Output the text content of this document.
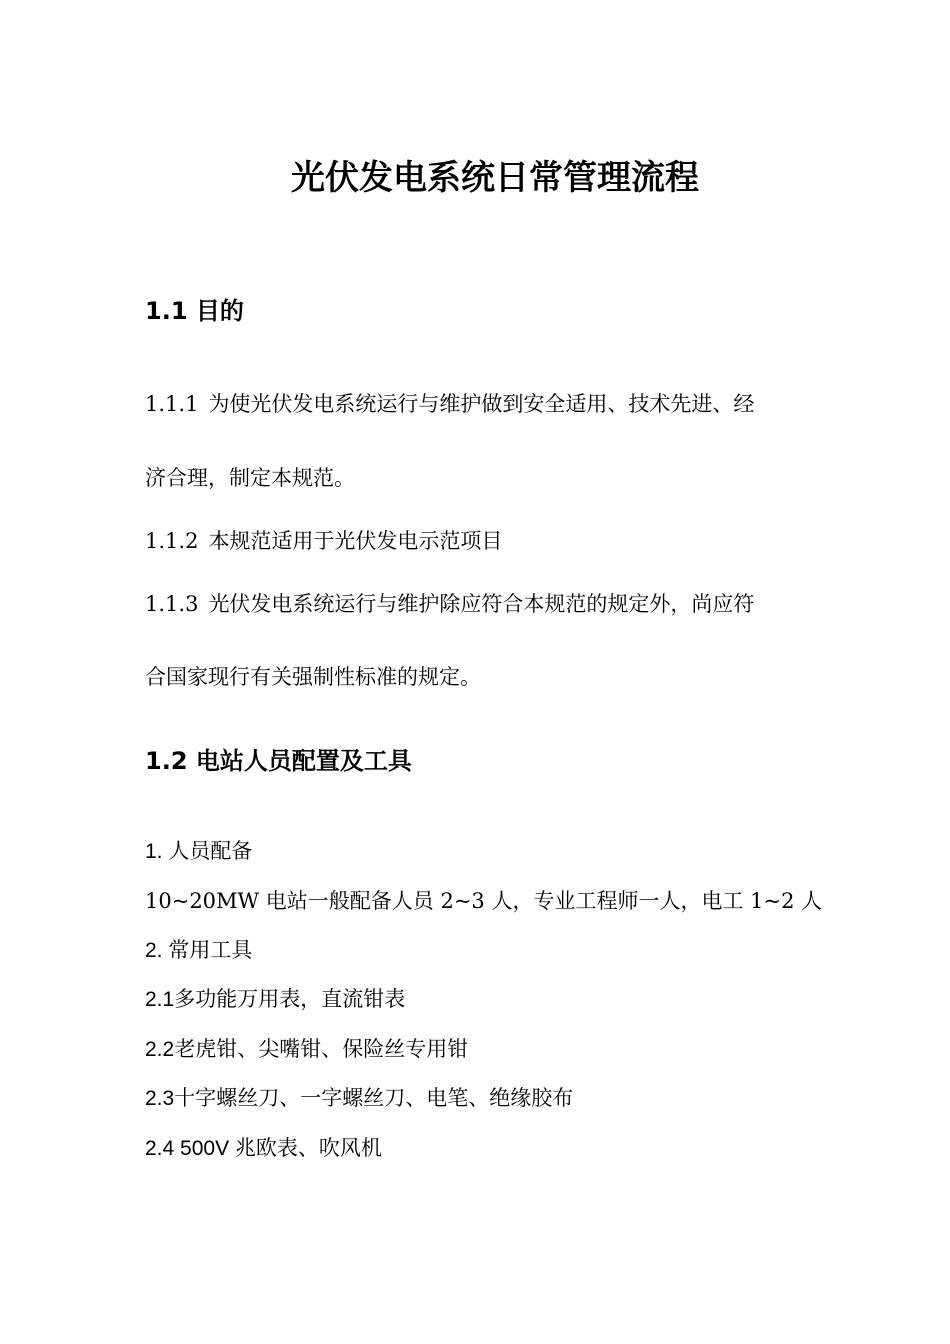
光伏发电系统日常管理流程
1.1 目的
1.1.1 为使光伏发电系统运行与维护做到安全适用、技术先进、经
济合理，制定本规范。
1.1.2 本规范适用于光伏发电示范项目
1.1.3 光伏发电系统运行与维护除应符合本规范的规定外，尚应符
合国家现行有关强制性标准的规定。
1.2 电站人员配置及工具
1. 人员配备
10~20MW 电站一般配备人员 2~3 人，专业工程师一人，电工 1~2 人
2. 常用工具
2.1多功能万用表，直流钳表
2.2老虎钳、尖嘴钳、保险丝专用钳
2.3十字螺丝刀、一字螺丝刀、电笔、绝缘胶布
2.4 500V 兆欧表、吹风机
